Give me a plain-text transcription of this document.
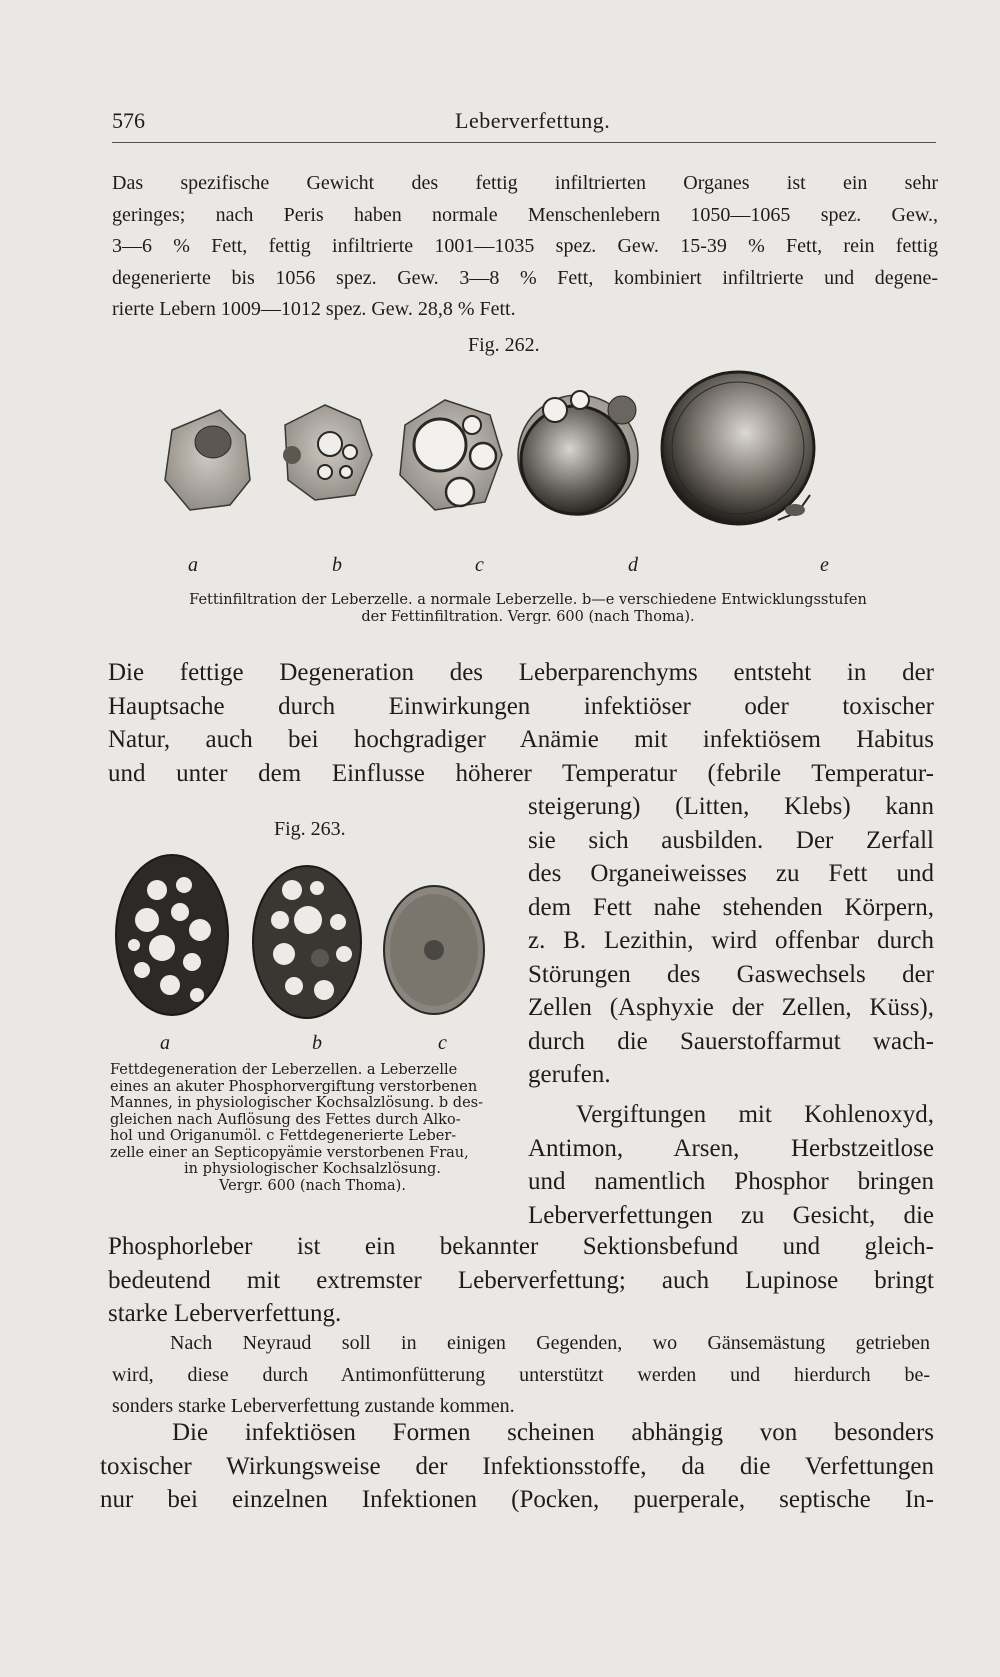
576	Leberverfettung.
Das spezifische Gewicht des fettig infiltrierten Organes ist ein sehr
geringes; nach Peris haben normale Menschenlebern 1050—1065 spez. Gew.,
3—6 % Fett, fettig infiltrierte 1001—1035 spez. Gew. 15-39 % Fett, rein fettig
degenerierte bis 1056 spez. Gew. 3—8 % Fett, kombiniert infiltrierte und degene-
rierte Lebern 1009—1012 spez. Gew. 28,8 % Fett.
Fig. 262.
a	b	c	d	e
Fettinfiltration der Leberzelle. a normale Leberzelle. b—e verschiedene Entwicklungsstufen
der Fettinfiltration. Vergr. 600 (nach Thoma).
Die fettige Degeneration des Leberparenchyms entsteht in der
Hauptsache durch Einwirkungen infektiöser oder toxischer
Natur, auch bei hochgradiger Anämie mit infektiösem Habitus
und unter dem Einflusse höherer Temperatur (febrile Temperatur-
steigerung) (Litten, Klebs) kann
sie sich ausbilden. Der Zerfall
des Organeiweisses zu Fett und
dem Fett nahe stehenden Körpern,
z. B. Lezithin, wird offenbar durch
Störungen des Gaswechsels der
Zellen (Asphyxie der Zellen, Küss),
durch die Sauerstoffarmut wach-
gerufen.
Vergiftungen mit Kohlenoxyd,
Antimon, Arsen, Herbstzeitlose
und namentlich Phosphor bringen
Leberverfettungen zu Gesicht, die
Fig. 263.
a	b	c
Fettdegeneration der Leberzellen. a Leberzelle
eines an akuter Phosphorvergiftung verstorbenen
Mannes, in physiologischer Kochsalzlösung. b des-
gleichen nach Auflösung des Fettes durch Alko-
hol und Origanumöl. c Fettdegenerierte Leber-
zelle einer an Septicopyämie verstorbenen Frau,
in physiologischer Kochsalzlösung.
Vergr. 600 (nach Thoma).
Phosphorleber ist ein bekannter Sektionsbefund und gleich-
bedeutend mit extremster Leberverfettung; auch Lupinose bringt
starke Leberverfettung.
Nach Neyraud soll in einigen Gegenden, wo Gänsemästung getrieben
wird, diese durch Antimonfütterung unterstützt werden und hierdurch be-
sonders starke Leberverfettung zustande kommen.
Die infektiösen Formen scheinen abhängig von besonders
toxischer Wirkungsweise der Infektionsstoffe, da die Verfettungen
nur bei einzelnen Infektionen (Pocken, puerperale, septische In-
